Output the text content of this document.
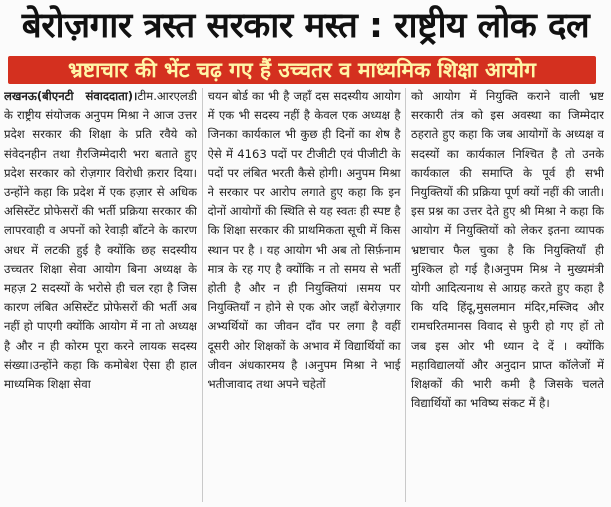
बेरोज़गार त्रस्त सरकार मस्त : राष्ट्रीय लोक दल
भ्रष्टाचार की भेंट चढ़ गए हैं उच्चतर व माध्यमिक शिक्षा आयोग

लखनऊ(बीएनटी संवाददाता)।टीम.आरएलडी के राष्ट्रीय संयोजक अनुपम मिश्रा ने आज उत्तर प्रदेश सरकार की शिक्षा के प्रति रवैये को संवेदनहीन तथा ग़ैरजिम्मेदारी भरा बताते हुए प्रदेश सरकार को रोज़गार विरोधी क़रार दिया।उन्होंने कहा कि प्रदेश में एक हज़ार से अधिक असिस्टेंट प्रोफेसरों की भर्ती प्रक्रिया सरकार की लापरवाही व अपनों को रेवाड़ी बाँटने के कारण अधर में लटकी हुई है क्योंकि छह सदस्यीय उच्चतर शिक्षा सेवा आयोग बिना अध्यक्ष के महज़ 2 सदस्यों के भरोसे ही चल रहा है जिस कारण लंबित असिस्टेंट प्रोफेसरों की भर्ती अब नहीं हो पाएगी क्योंकि आयोग में ना तो अध्यक्ष है और न ही कोरम पूरा करने लायक सदस्य संख्या।उन्होंने कहा कि कमोबेश ऐसा ही हाल माध्यमिक शिक्षा सेवा

चयन बोर्ड का भी है जहाँ दस सदस्यीय आयोग में एक भी सदस्य नहीं है केवल एक अध्यक्ष है जिनका कार्यकाल भी कुछ ही दिनों का शेष है ऐसे में 4163 पदों पर टीजीटी एवं पीजीटी के पदों पर लंबित भरती कैसे होगी। अनुपम मिश्रा ने सरकार पर आरोप लगाते हुए कहा कि इन दोनों आयोगों की स्थिति से यह स्वतः ही स्पष्ट है कि शिक्षा सरकार की प्राथमिकता सूची में किस स्थान पर है । यह आयोग भी अब तो सिर्फ़नाम मात्र के रह गए है क्योंकि न तो समय से भर्ती होती है और न ही नियुक्तियां ।समय पर नियुक्तियाँ न होने से एक ओर जहाँ बेरोज़गार अभ्यर्थियों का जीवन दाँव पर लगा है वहीं दूसरी ओर शिक्षकों के अभाव में विद्यार्थियों का जीवन अंधकारमय है ।अनुपम मिश्रा ने भाई भतीजावाद तथा अपने चहेतों

को आयोग में नियुक्ति कराने वाली भ्रष्ट सरकारी तंत्र को इस अवस्था का जिम्मेदार ठहराते हुए कहा कि जब आयोगों के अध्यक्ष व सदस्यों का कार्यकाल निश्चित है तो उनके कार्यकाल की समाप्ति के पूर्व ही सभी नियुक्तियों की प्रक्रिया पूर्ण क्यों नहीं की जाती।इस प्रश्न का उत्तर देते हुए श्री मिश्रा ने कहा कि आयोग में नियुक्तियों को लेकर इतना व्यापक भ्रष्टाचार फैल चुका है कि नियुक्तियाँ ही मुश्किल हो गई है।अनुपम मिश्र ने मुख्यमंत्री योगी आदित्यनाथ से आग्रह करते हुए कहा है कि यदि हिंदू,मुसलमान मंदिर,मस्जिद और रामचरितमानस विवाद से फ़ुरी हो गए हों तो जब इस ओर भी ध्यान दे दें । क्योंकि महाविद्यालयों और अनुदान प्राप्त कॉलेजों में शिक्षकों की भारी कमी है जिसके चलते विद्यार्थियों का भविष्य संकट में है।
